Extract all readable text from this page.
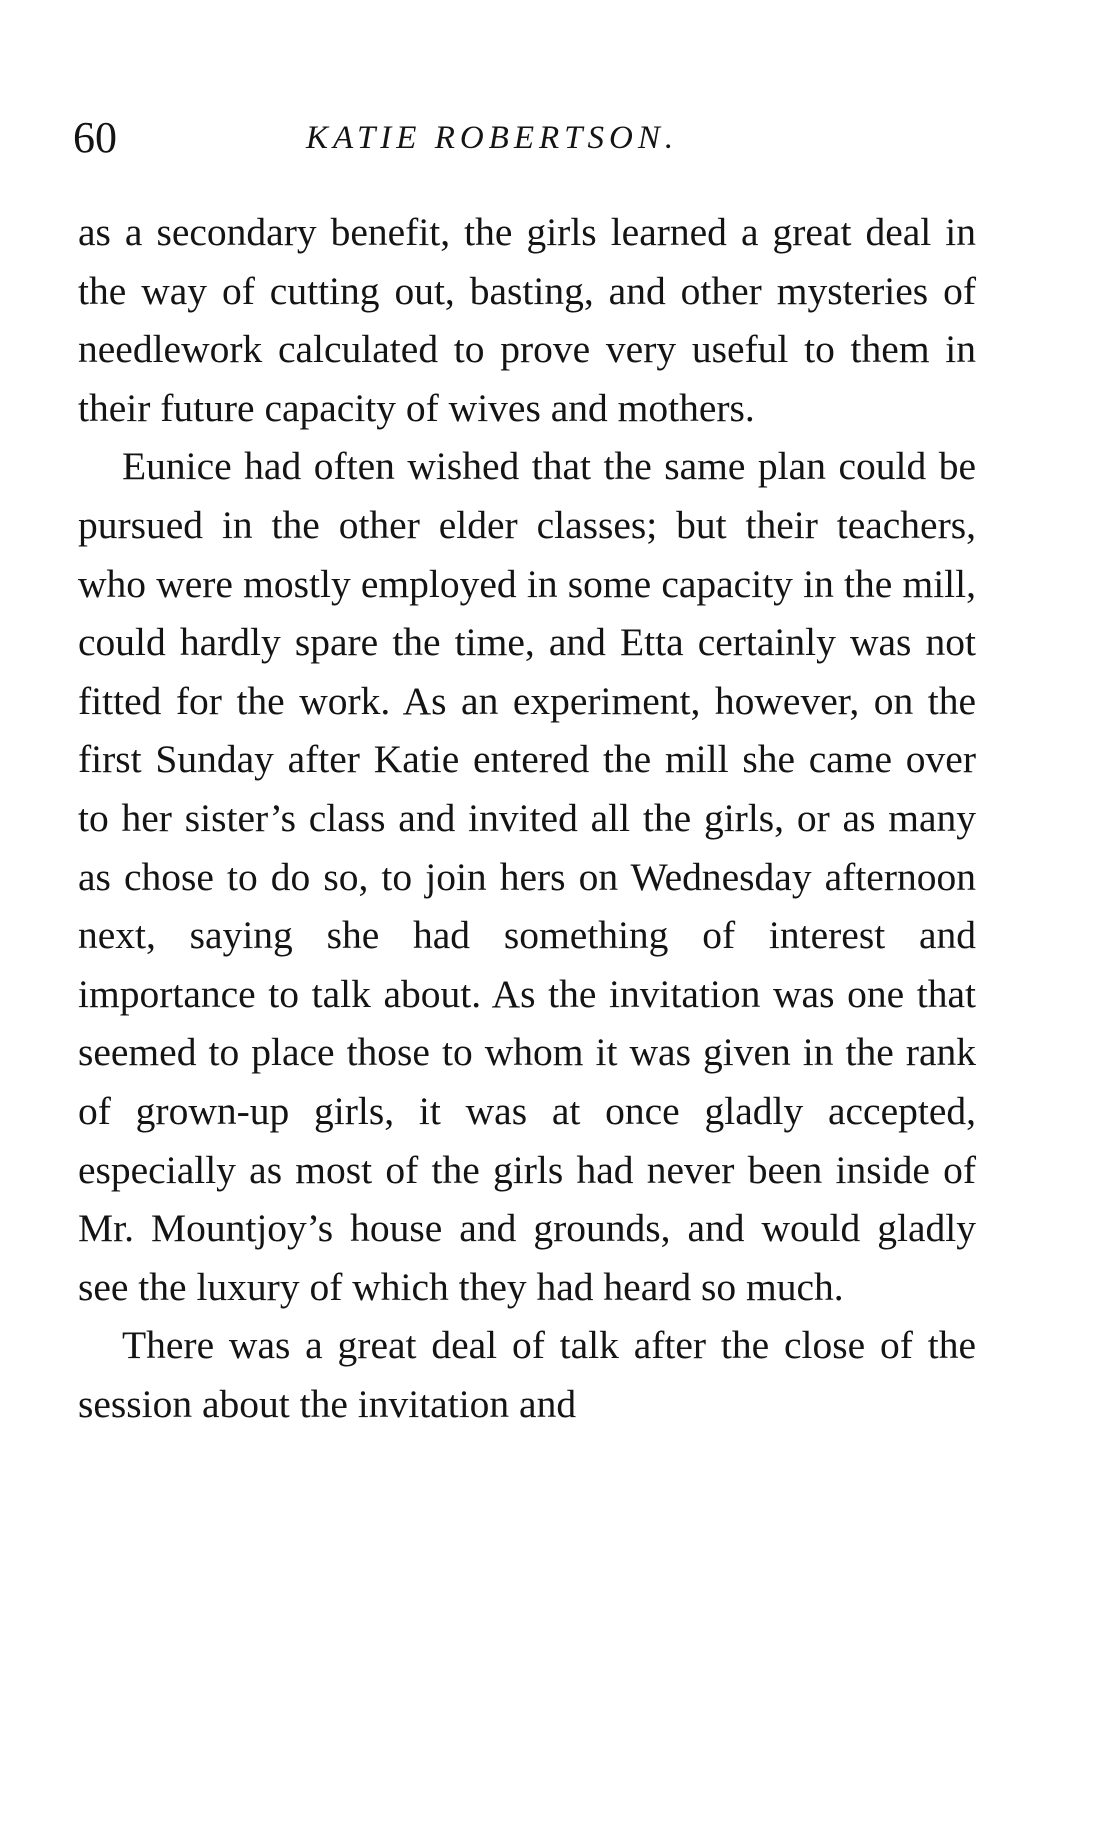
60	KATIE ROBERTSON.

as a secondary benefit, the girls learned a great deal in the way of cutting out, basting, and other mysteries of needlework calculated to prove very useful to them in their future capacity of wives and mothers.

Eunice had often wished that the same plan could be pursued in the other elder classes; but their teachers, who were mostly employed in some capacity in the mill, could hardly spare the time, and Etta certainly was not fitted for the work. As an experiment, however, on the first Sunday after Katie entered the mill she came over to her sister’s class and invited all the girls, or as many as chose to do so, to join hers on Wednesday afternoon next, saying she had something of interest and importance to talk about. As the invitation was one that seemed to place those to whom it was given in the rank of grown-up girls, it was at once gladly accepted, especially as most of the girls had never been inside of Mr. Mountjoy’s house and grounds, and would gladly see the luxury of which they had heard so much.

There was a great deal of talk after the close of the session about the invitation and
